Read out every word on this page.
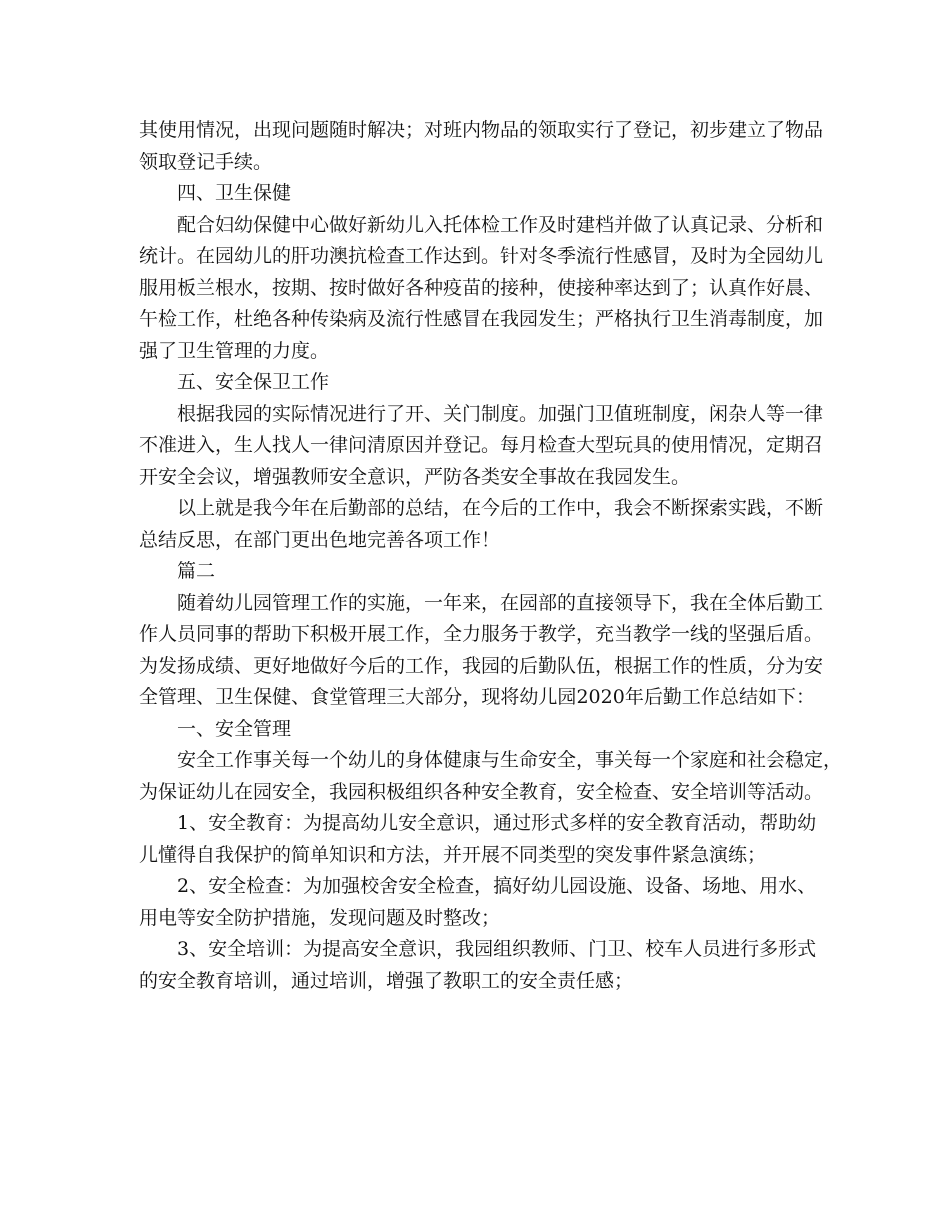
其使用情况，出现问题随时解决；对班内物品的领取实行了登记，初步建立了物品
领取登记手续。
四、卫生保健
配合妇幼保健中心做好新幼儿入托体检工作及时建档并做了认真记录、分析和
统计。在园幼儿的肝功澳抗检查工作达到。针对冬季流行性感冒，及时为全园幼儿
服用板兰根水，按期、按时做好各种疫苗的接种，使接种率达到了；认真作好晨、
午检工作，杜绝各种传染病及流行性感冒在我园发生；严格执行卫生消毒制度，加
强了卫生管理的力度。
五、安全保卫工作
根据我园的实际情况进行了开、关门制度。加强门卫值班制度，闲杂人等一律
不准进入，生人找人一律问清原因并登记。每月检查大型玩具的使用情况，定期召
开安全会议，增强教师安全意识，严防各类安全事故在我园发生。
以上就是我今年在后勤部的总结，在今后的工作中，我会不断探索实践，不断
总结反思，在部门更出色地完善各项工作！
篇二
随着幼儿园管理工作的实施，一年来，在园部的直接领导下，我在全体后勤工
作人员同事的帮助下积极开展工作，全力服务于教学，充当教学一线的坚强后盾。
为发扬成绩、更好地做好今后的工作，我园的后勤队伍，根据工作的性质，分为安
全管理、卫生保健、食堂管理三大部分，现将幼儿园2020年后勤工作总结如下：
一、安全管理
安全工作事关每一个幼儿的身体健康与生命安全，事关每一个家庭和社会稳定，
为保证幼儿在园安全，我园积极组织各种安全教育，安全检查、安全培训等活动。
1、安全教育：为提高幼儿安全意识，通过形式多样的安全教育活动，帮助幼
儿懂得自我保护的简单知识和方法，并开展不同类型的突发事件紧急演练；
2、安全检查：为加强校舍安全检查，搞好幼儿园设施、设备、场地、用水、
用电等安全防护措施，发现问题及时整改；
3、安全培训：为提高安全意识，我园组织教师、门卫、校车人员进行多形式
的安全教育培训，通过培训，增强了教职工的安全责任感；
